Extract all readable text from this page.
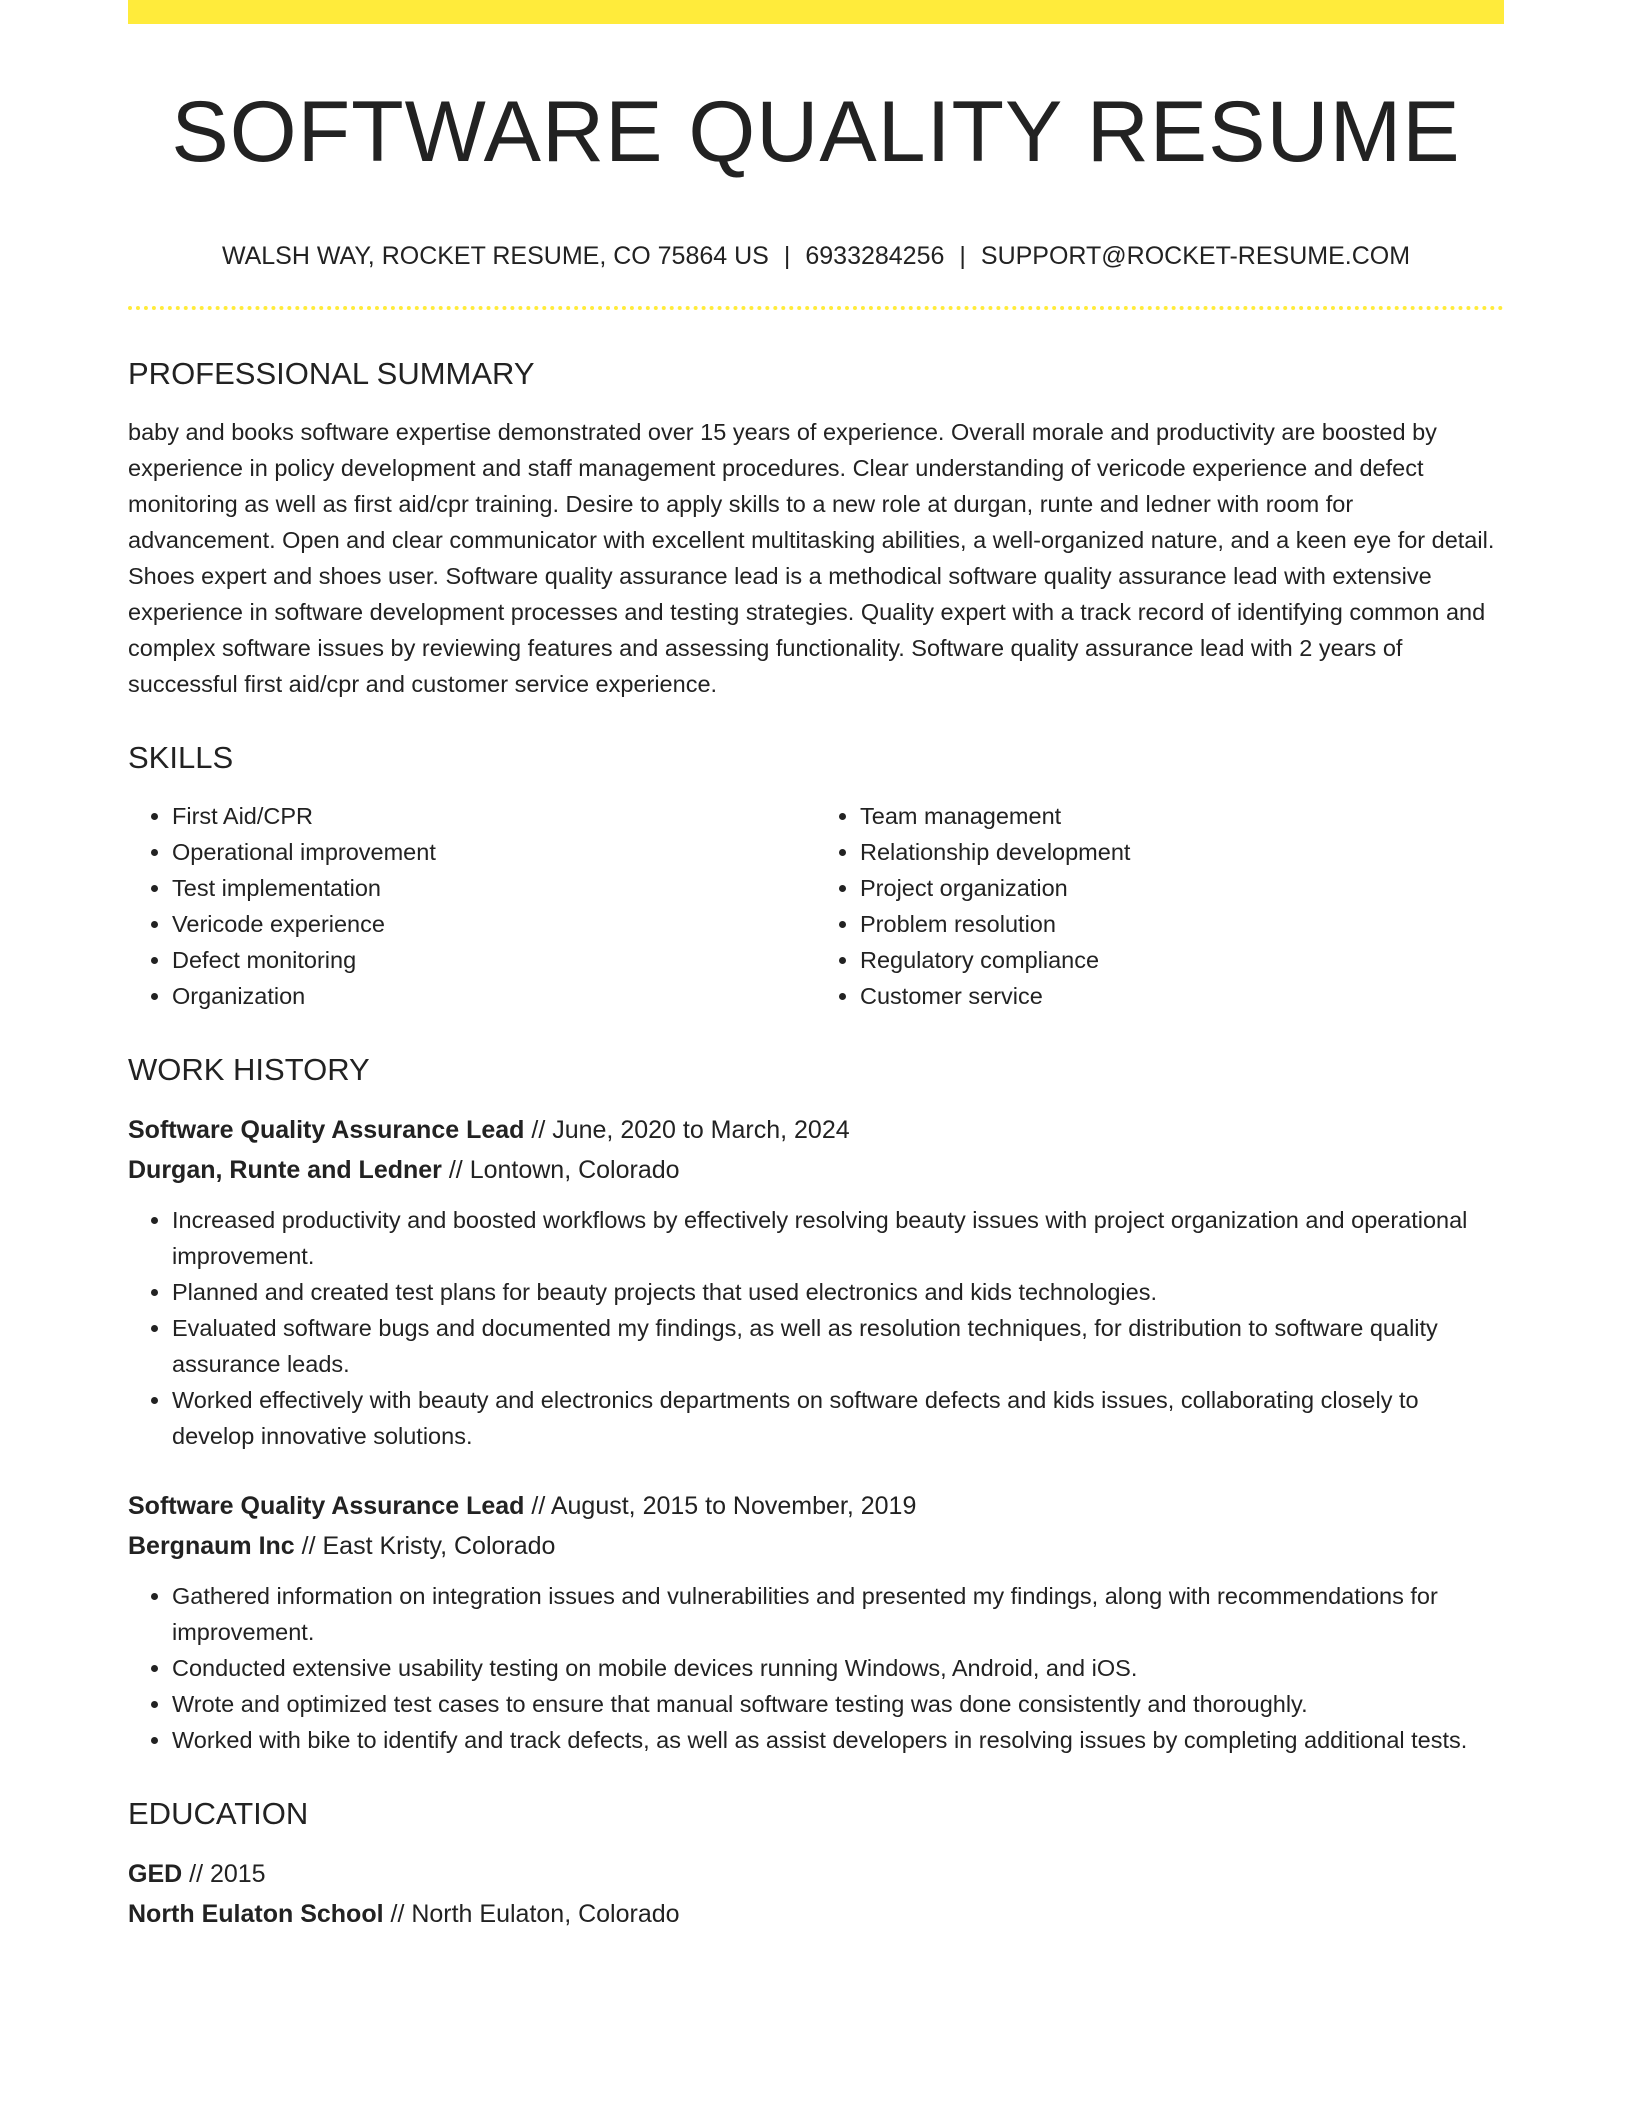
SOFTWARE QUALITY RESUME
WALSH WAY, ROCKET RESUME, CO 75864 US | 6933284256 | SUPPORT@ROCKET-RESUME.COM
PROFESSIONAL SUMMARY
baby and books software expertise demonstrated over 15 years of experience. Overall morale and productivity are boosted by experience in policy development and staff management procedures. Clear understanding of vericode experience and defect monitoring as well as first aid/cpr training. Desire to apply skills to a new role at durgan, runte and ledner with room for advancement. Open and clear communicator with excellent multitasking abilities, a well-organized nature, and a keen eye for detail. Shoes expert and shoes user. Software quality assurance lead is a methodical software quality assurance lead with extensive experience in software development processes and testing strategies. Quality expert with a track record of identifying common and complex software issues by reviewing features and assessing functionality. Software quality assurance lead with 2 years of successful first aid/cpr and customer service experience.
SKILLS
• First Aid/CPR
• Operational improvement
• Test implementation
• Vericode experience
• Defect monitoring
• Organization
• Team management
• Relationship development
• Project organization
• Problem resolution
• Regulatory compliance
• Customer service
WORK HISTORY
Software Quality Assurance Lead // June, 2020 to March, 2024
Durgan, Runte and Ledner // Lontown, Colorado
• Increased productivity and boosted workflows by effectively resolving beauty issues with project organization and operational improvement.
• Planned and created test plans for beauty projects that used electronics and kids technologies.
• Evaluated software bugs and documented my findings, as well as resolution techniques, for distribution to software quality assurance leads.
• Worked effectively with beauty and electronics departments on software defects and kids issues, collaborating closely to develop innovative solutions.
Software Quality Assurance Lead // August, 2015 to November, 2019
Bergnaum Inc // East Kristy, Colorado
• Gathered information on integration issues and vulnerabilities and presented my findings, along with recommendations for improvement.
• Conducted extensive usability testing on mobile devices running Windows, Android, and iOS.
• Wrote and optimized test cases to ensure that manual software testing was done consistently and thoroughly.
• Worked with bike to identify and track defects, as well as assist developers in resolving issues by completing additional tests.
EDUCATION
GED // 2015
North Eulaton School // North Eulaton, Colorado
